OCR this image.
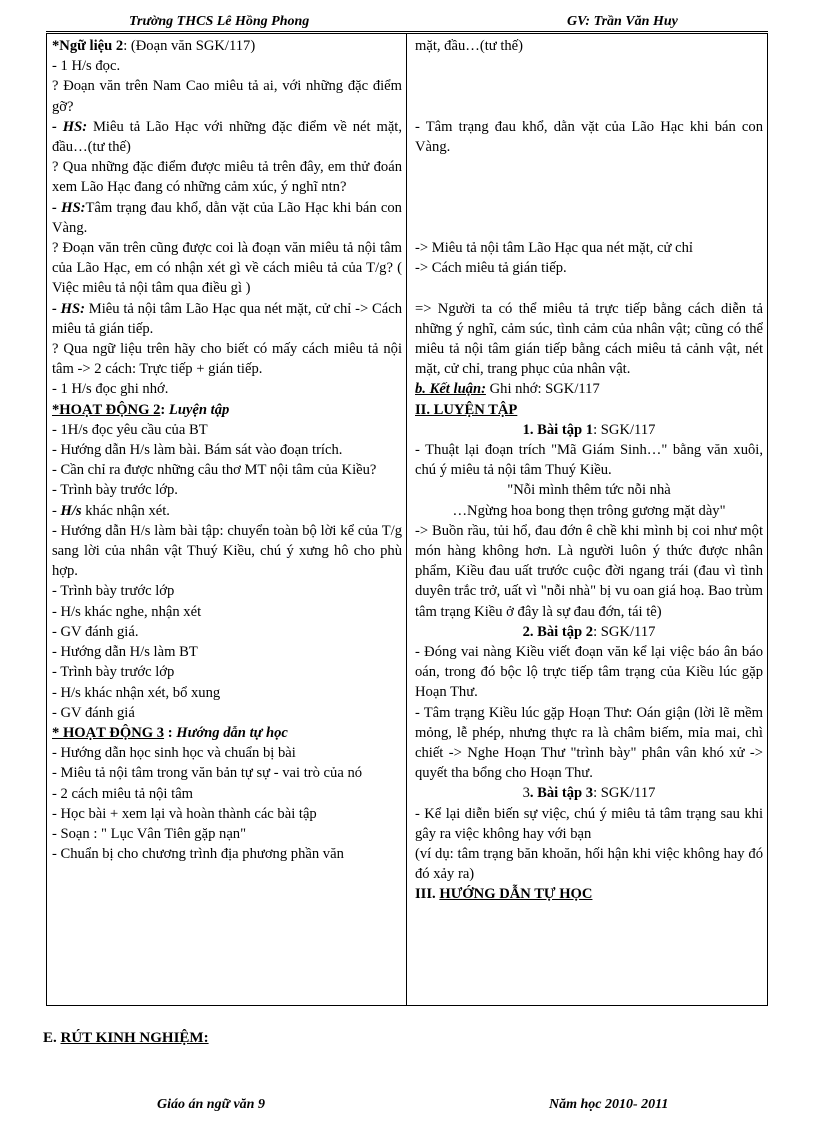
Trường THCS Lê Hồng Phong	GV: Trần Văn Huy

*Ngữ liệu 2: (Đoạn văn SGK/117)

- 1 H/s đọc.

? Đoạn văn trên Nam Cao miêu tả ai, với những đặc điểm gỡ?

- HS: Miêu tả Lão Hạc với những đặc điểm về nét mặt, đầu…(tư thế)

? Qua những đặc điểm được miêu tả trên đây, em thử đoán xem Lão Hạc đang có những cảm xúc, ý nghĩ ntn?

- HS:Tâm trạng đau khổ, dằn vặt của Lão Hạc khi bán con Vàng.

? Đoạn văn trên cũng được coi là đoạn văn miêu tả nội tâm của Lão Hạc, em có nhận xét gì về cách miêu tả của T/g? ( Việc miêu tả nội tâm qua điều gì )

- HS: Miêu tả nội tâm Lão Hạc qua nét mặt, cử chỉ -> Cách miêu tả gián tiếp.

? Qua ngữ liệu trên hãy cho biết có mấy cách miêu tả nội tâm -> 2 cách: Trực tiếp + gián tiếp.

- 1 H/s đọc ghi nhớ.

*HOẠT ĐỘNG 2: Luyện tập

- 1H/s đọc yêu cầu của BT

- Hướng dẫn H/s làm bài. Bám sát vào đoạn trích.

- Cần chỉ ra được những câu thơ MT nội tâm của Kiều?

- Trình bày trước lớp.

- H/s khác nhận xét.

- Hướng dẫn H/s làm bài tập: chuyển toàn bộ lời kể của T/g sang lời của nhân vật Thuý Kiều, chú ý xưng hô cho phù hợp.

- Trình bày trước lớp

- H/s khác nghe, nhận xét

- GV đánh giá.

- Hướng dẫn H/s làm BT

- Trình bày trước lớp

- H/s khác nhận xét, bổ xung

- GV đánh giá

* HOẠT ĐỘNG 3 : Hướng dẫn tự học

- Hướng dẫn học sinh học và chuẩn bị bài

- Miêu tả nội tâm trong văn bản tự sự - vai trò của nó

- 2 cách miêu tả nội tâm

- Học bài + xem lại và hoàn thành các bài tập

- Soạn : " Lục Vân Tiên gặp nạn"

- Chuẩn bị cho chương trình địa phương phần văn

mặt, đầu…(tư thế)

- Tâm trạng đau khổ, dằn vặt của Lão Hạc khi bán con Vàng.

-> Miêu tả nội tâm Lão Hạc qua nét mặt, cử chỉ

-> Cách miêu tả gián tiếp.

=> Người ta có thể miêu tả trực tiếp bằng cách diễn tả những ý nghĩ, cảm súc, tình cảm của nhân vật; cũng có thể miêu tả nội tâm gián tiếp bằng cách miêu tả cảnh vật, nét mặt, cử chỉ, trang phục của nhân vật.

b. Kết luận: Ghi nhớ: SGK/117

II. LUYỆN TẬP

1. Bài tập 1: SGK/117

- Thuật lại đoạn trích "Mã Giám Sinh…" bằng văn xuôi, chú ý miêu tả nội tâm Thuý Kiều.

"Nỗi mình thêm tức nỗi nhà

…Ngừng hoa bong thẹn trông gương mặt dày"

-> Buồn rầu, tủi hổ, đau đớn ê chề khi mình bị coi như một món hàng không hơn. Là người luôn ý thức được nhân phẩm, Kiều đau uất trước cuộc đời ngang trái (đau vì tình duyên trắc trở, uất vì "nỗi nhà" bị vu oan giá hoạ. Bao trùm tâm trạng Kiều ở đây là sự đau đớn, tái tê)

2. Bài tập 2: SGK/117

- Đóng vai nàng Kiều viết đoạn văn kể lại việc báo ân báo oán, trong đó bộc lộ trực tiếp tâm trạng của Kiều lúc gặp Hoạn Thư.

- Tâm trạng Kiều lúc gặp Hoạn Thư: Oán giận (lời lẽ mềm mỏng, lễ phép, nhưng thực ra là châm biếm, mỉa mai, chì chiết -> Nghe Hoạn Thư "trình bày" phân vân khó xử -> quyết tha bổng cho Hoạn Thư.

3. Bài tập 3: SGK/117

- Kể lại diễn biến sự việc, chú ý miêu tả tâm trạng sau khi gây ra việc không hay với bạn

(ví dụ: tâm trạng băn khoăn, hối hận khi việc không hay đó đó xảy ra)

III. HƯỚNG DẪN TỰ HỌC

E. RÚT KINH NGHIỆM:
Giáo án ngữ văn 9	Năm học 2010- 2011
